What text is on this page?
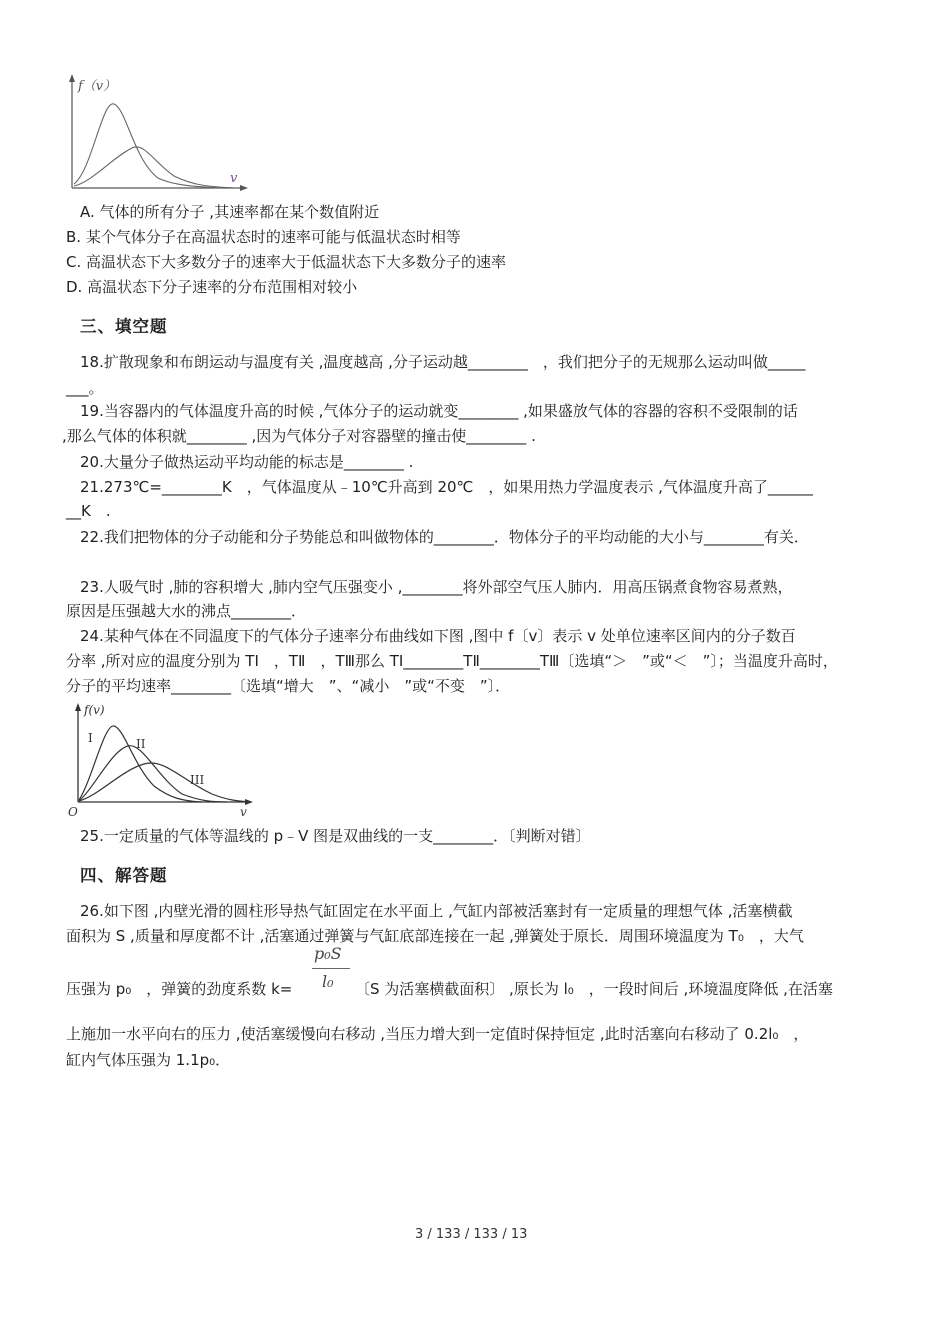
f（v）
v
A. 气体的所有分子 ,其速率都在某个数值附近
B. 某个气体分子在高温状态时的速率可能与低温状态时相等
C. 高温状态下大多数分子的速率大于低温状态下大多数分子的速率
D. 高温状态下分子速率的分布范围相对较小
三、填空题
18.扩散现象和布朗运动与温度有关 ,温度越高 ,分子运动越________　，我们把分子的无规那么运动叫做_____
___。
19.当容器内的气体温度升高的时候 ,气体分子的运动就变________ ,如果盛放气体的容器的容积不受限制的话
,那么气体的体积就________ ,因为气体分子对容器壁的撞击使________ .
20.大量分子做热运动平均动能的标志是________ .
21.273℃=________K　，气体温度从﹣10℃升高到 20℃　，如果用热力学温度表示 ,气体温度升高了______
__K　.
22.我们把物体的分子动能和分子势能总和叫做物体的________．物体分子的平均动能的大小与________有关．
23.人吸气时 ,肺的容积增大 ,肺内空气压强变小 ,________将外部空气压人肺内．用高压锅煮食物容易煮熟，
原因是压强越大水的沸点________．
24.某种气体在不同温度下的气体分子速率分布曲线如下图 ,图中 f〔v〕表示 v 处单位速率区间内的分子数百
分率 ,所对应的温度分别为 TⅠ　，TⅡ　，TⅢ那么 TⅠ________TⅡ________TⅢ〔选填“＞　”或“＜　”〕；当温度升高时，
分子的平均速率________〔选填“增大　”、“减小　”或“不变　”〕．
f(v)
O	v
I	II
III
25.一定质量的气体等温线的 p﹣V 图是双曲线的一支________．〔判断对错〕
四、解答题
26.如下图 ,内壁光滑的圆柱形导热气缸固定在水平面上 ,气缸内部被活塞封有一定质量的理想气体 ,活塞横截
面积为 S ,质量和厚度都不计 ,活塞通过弹簧与气缸底部连接在一起 ,弹簧处于原长．周围环境温度为 T₀　，大气
压强为 p₀　，弹簧的劲度系数 k=
p₀S
l₀ 〔S 为活塞横截面积〕 ,原长为 l₀　，一段时间后 ,环境温度降低 ,在活塞
上施加一水平向右的压力 ,使活塞缓慢向右移动 ,当压力增大到一定值时保持恒定 ,此时活塞向右移动了 0.2l₀　，
缸内气体压强为 1.1p₀．
3 / 133 / 133 / 13
